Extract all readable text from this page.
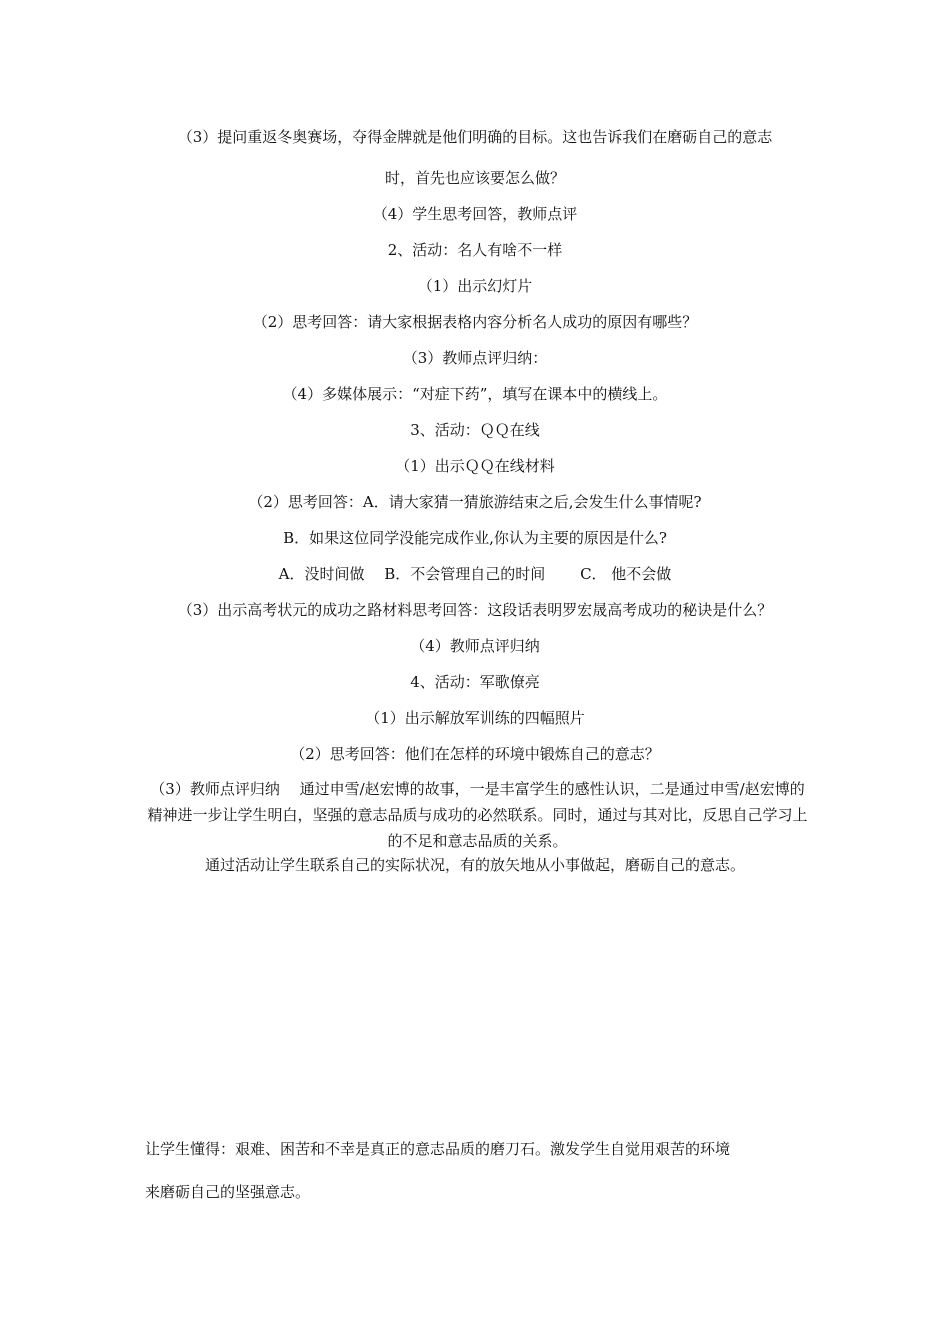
（3）提问重返冬奥赛场，夺得金牌就是他们明确的目标。这也告诉我们在磨砺自己的意志
时，首先也应该要怎么做？
（4）学生思考回答，教师点评
2、活动：名人有啥不一样
（1）出示幻灯片
（2）思考回答：请大家根据表格内容分析名人成功的原因有哪些？
（3）教师点评归纳：
（4）多媒体展示：“对症下药”，填写在课本中的横线上。
3、活动：ＱＱ在线
（1）出示ＱＱ在线材料
（2）思考回答：A．请大家猜一猜旅游结束之后,会发生什么事情呢?
B．如果这位同学没能完成作业,你认为主要的原因是什么?
A．没时间做　 B．不会管理自己的时间　　 C． 他不会做
（3）出示高考状元的成功之路材料思考回答：这段话表明罗宏晟高考成功的秘诀是什么？
（4）教师点评归纳
4、活动：军歌僚亮
（1）出示解放军训练的四幅照片
（2）思考回答：他们在怎样的环境中锻炼自己的意志？
（3）教师点评归纳　 通过申雪/赵宏博的故事，一是丰富学生的感性认识，二是通过申雪/赵宏博的精神进一步让学生明白，坚强的意志品质与成功的必然联系。同时，通过与其对比，反思自己学习上的不足和意志品质的关系。
通过活动让学生联系自己的实际状况，有的放矢地从小事做起，磨砺自己的意志。
让学生懂得：艰难、困苦和不幸是真正的意志品质的磨刀石。激发学生自觉用艰苦的环境
来磨砺自己的坚强意志。
